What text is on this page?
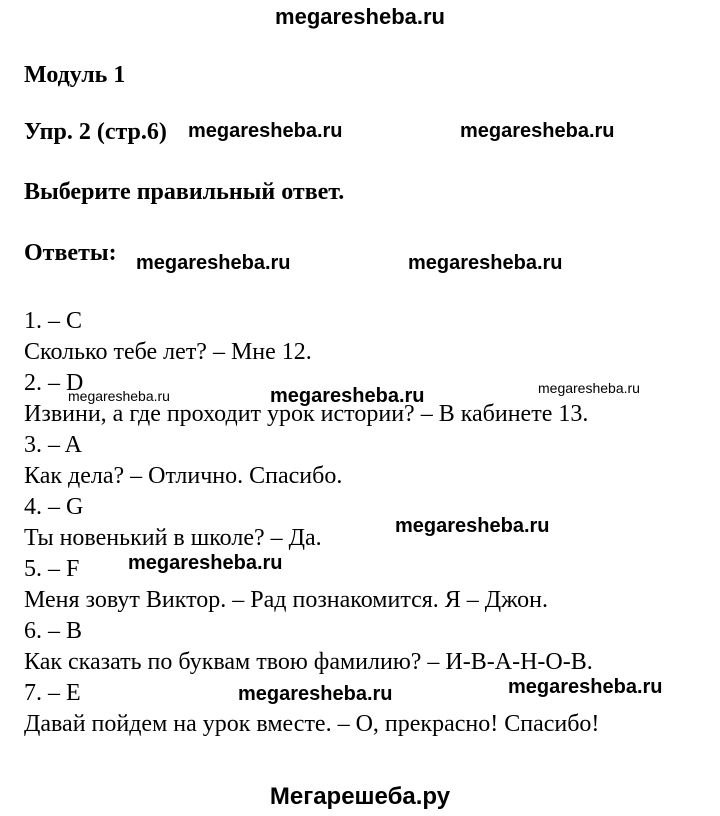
megaresheba.ru
Модуль 1
Упр. 2 (стр.6)
Выберите правильный ответ.
Ответы:
megaresheba.ru	megaresheba.ru
megaresheba.ru	megaresheba.ru
megaresheba.ru	megaresheba.ru	megaresheba.ru
megaresheba.ru
megaresheba.ru
megaresheba.ru	megaresheba.ru
1. – C
Сколько тебе лет? – Мне 12.
2. – D
Извини, а где проходит урок истории? – В кабинете 13.
3. – A
Как дела? – Отлично. Спасибо.
4. – G
Ты новенький в школе? – Да.
5. – F
Меня зовут Виктор. – Рад познакомится. Я – Джон.
6. – B
Как сказать по буквам твою фамилию? – И-В-А-Н-О-В.
7. – E
Давай пойдем на урок вместе. – О, прекрасно! Спасибо!
Мегарешеба.ру
